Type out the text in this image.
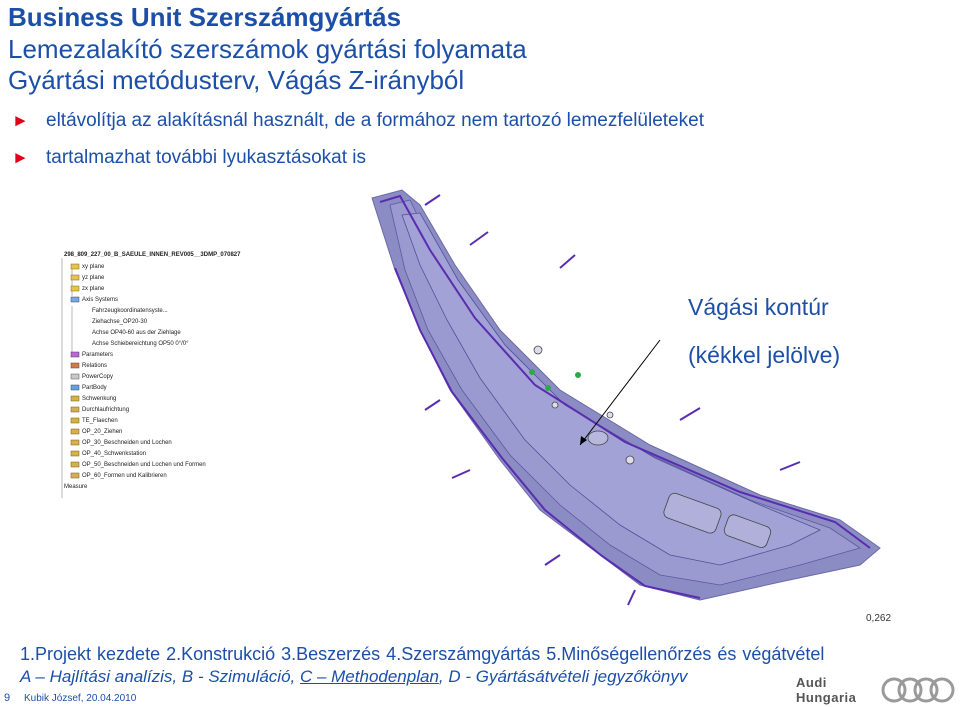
Business Unit Szerszámgyártás
Lemezalakító szerszámok gyártási folyamata
Gyártási metódusterv, Vágás Z-irányból
► eltávolítja az alakításnál használt, de a formához nem tartozó lemezfelületeket
► tartalmazhat további lyukasztásokat is
298_809_227_00_B_SAEULE_INNEN_REV005__3DMP_070827
xy plane
yz plane
zx plane
Axis Systems
Fahrzeugkoordinatensyste...
Ziehachse_OP20-30
Achse OP40-60 aus der Ziehlage
Achse Schiebereichtung OP50 0°/0°
Parameters
Relations
PowerCopy
PartBody
Schwenkung
Durchlaufrichtung
TE_Flaechen
OP_20_Ziehen
OP_30_Beschneiden und Lochen
OP_40_Schwenkstation
OP_50_Beschneiden und Lochen und Formen
OP_60_Formen und Kalibrieren
Measure
Vágási kontúr
(kékkel jelölve)
0,262
1.Projekt kezdete 2.Konstrukció 3.Beszerzés 4.Szerszámgyártás 5.Minőségellenőrzés és végátvétel
A – Hajlítási analízis, B - Szimuláció, C – Methodenplan, D - Gyártásátvételi jegyzőkönyv
9 Kubik József, 20.04.2010
Audi
Hungaria
